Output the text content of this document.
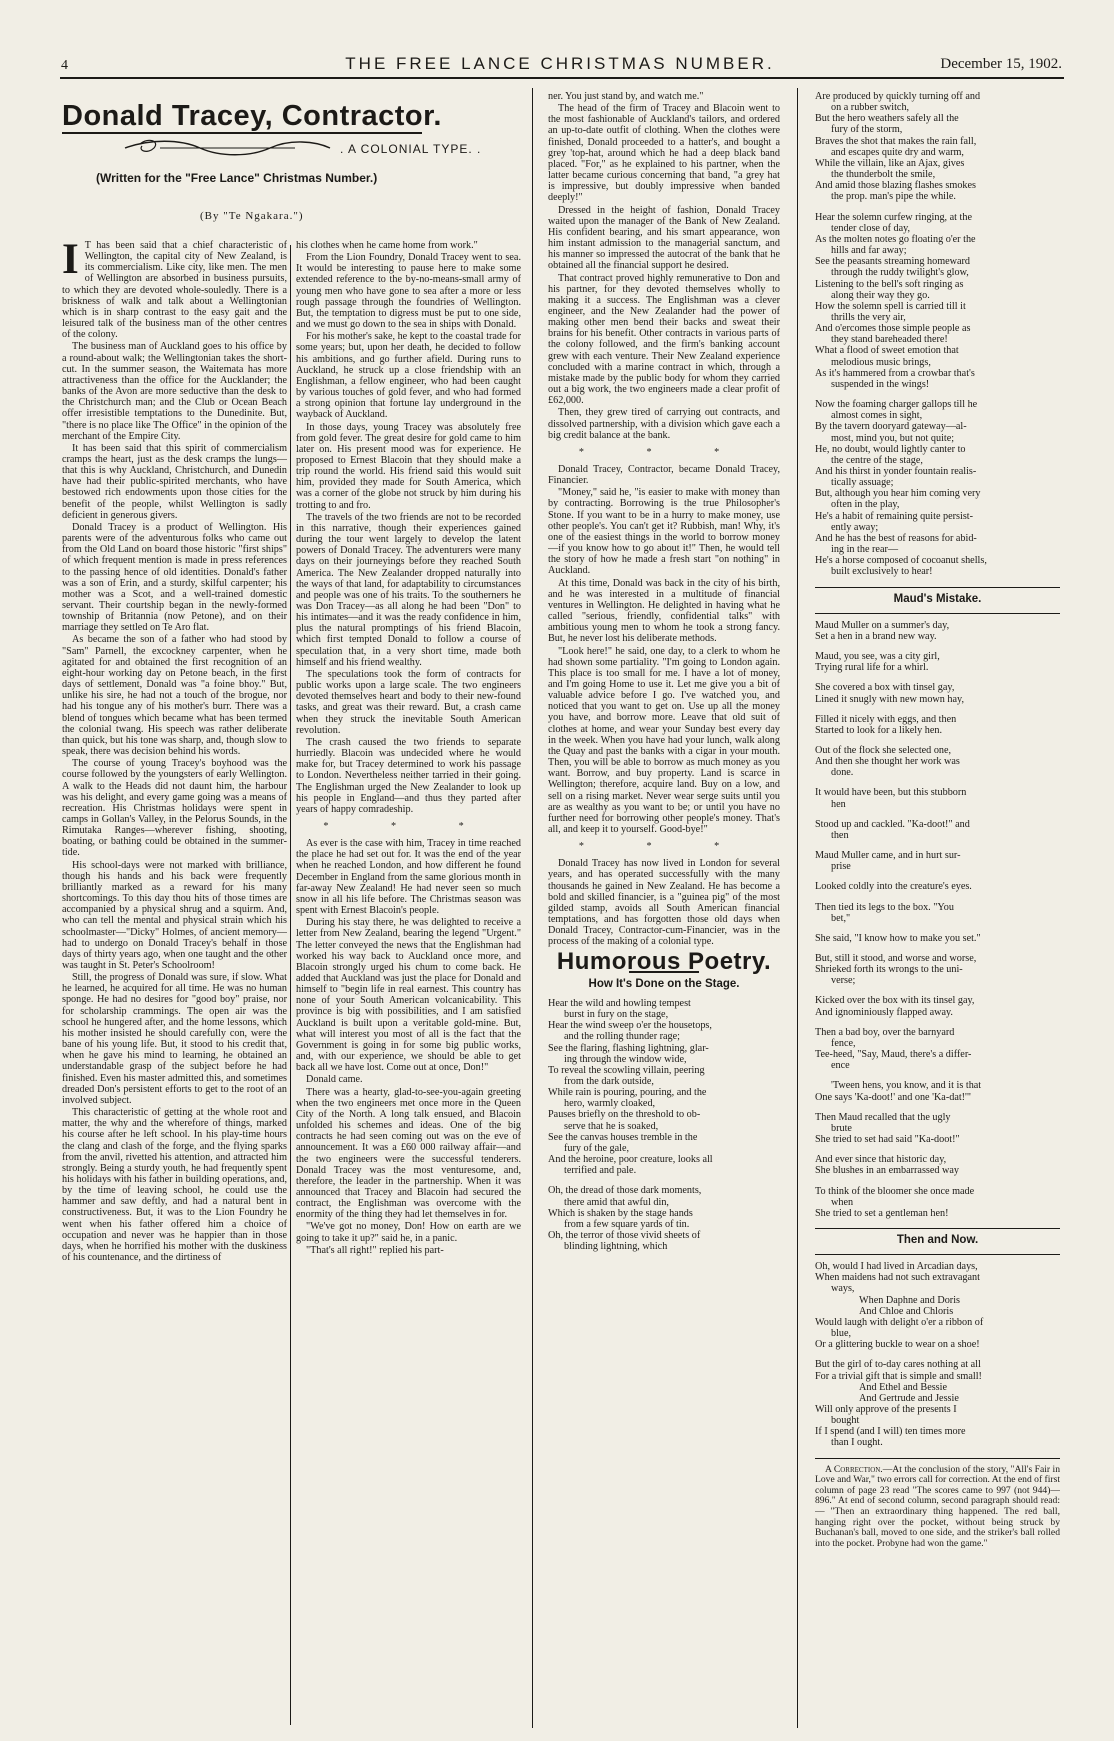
4	THE FREE LANCE CHRISTMAS NUMBER.	December 15, 1902.
Donald Tracey, Contractor.
. A COLONIAL TYPE. .
(Written for the "Free Lance" Christmas Number.)
(By "Te Ngakara.")

I T has been said that a chief characteristic of Wellington, the capital city of New Zealand, is its commercialism. Like city, like men. The men of Wellington are absorbed in business pursuits, to which they are devoted whole-souledly. There is a briskness of walk and talk about a Wellingtonian which is in sharp contrast to the easy gait and the leisured talk of the business man of the other centres of the colony.

The business man of Auckland goes to his office by a round-about walk; the Wellingtonian takes the short-cut. In the summer season, the Waitemata has more attractiveness than the office for the Aucklander; the banks of the Avon are more seductive than the desk to the Christchurch man; and the Club or Ocean Beach offer irresistible temptations to the Dunedinite. But, "there is no place like The Office" in the opinion of the merchant of the Empire City.

It has been said that this spirit of commercialism cramps the heart, just as the desk cramps the lungs—that this is why Auckland, Christchurch, and Dunedin have had their public-spirited merchants, who have bestowed rich endowments upon those cities for the benefit of the people, whilst Wellington is sadly deficient in generous givers.

Donald Tracey is a product of Wellington. His parents were of the adventurous folks who came out from the Old Land on board those historic "first ships" of which frequent mention is made in press references to the passing hence of old identities. Donald's father was a son of Erin, and a sturdy, skilful carpenter; his mother was a Scot, and a well-trained domestic servant. Their courtship began in the newly-formed township of Britannia (now Petone), and on their marriage they settled on Te Aro flat.

As became the son of a father who had stood by "Sam" Parnell, the excockney carpenter, when he agitated for and obtained the first recognition of an eight-hour working day on Petone beach, in the first days of settlement, Donald was "a foine bhoy." But, unlike his sire, he had not a touch of the brogue, nor had his tongue any of his mother's burr. There was a blend of tongues which became what has been termed the colonial twang. His speech was rather deliberate than quick, but his tone was sharp, and, though slow to speak, there was decision behind his words.

The course of young Tracey's boyhood was the course followed by the youngsters of early Wellington. A walk to the Heads did not daunt him, the harbour was his delight, and every game going was a means of recreation. His Christmas holidays were spent in camps in Gollan's Valley, in the Pelorus Sounds, in the Rimutaka Ranges—wherever fishing, shooting, boating, or bathing could be obtained in the summer-tide.

His school-days were not marked with brilliance, though his hands and his back were frequently brilliantly marked as a reward for his many shortcomings. To this day thou hits of those times are accompanied by a physical shrug and a squirm. And, who can tell the mental and physical strain which his schoolmaster—"Dicky" Holmes, of ancient memory—had to undergo on Donald Tracey's behalf in those days of thirty years ago, when one taught and the other was taught in St. Peter's Schoolroom!

Still, the progress of Donald was sure, if slow. What he learned, he acquired for all time. He was no human sponge. He had no desires for "good boy" praise, nor for scholarship crammings. The open air was the school he hungered after, and the home lessons, which his mother insisted he should carefully con, were the bane of his young life. But, it stood to his credit that, when he gave his mind to learning, he obtained an understandable grasp of the subject before he had finished. Even his master admitted this, and sometimes dreaded Don's persistent efforts to get to the root of an involved subject.

This characteristic of getting at the whole root and matter, the why and the wherefore of things, marked his course after he left school. In his play-time hours the clang and clash of the forge, and the flying sparks from the anvil, rivetted his attention, and attracted him strongly. Being a sturdy youth, he had frequently spent his holidays with his father in building operations, and, by the time of leaving school, he could use the hammer and saw deftly, and had a natural bent in constructiveness. But, it was to the Lion Foundry he went when his father offered him a choice of occupation and never was he happier than in those days, when he horrified his mother with the duskiness of his countenance, and the dirtiness of

his clothes when he came home from work."

From the Lion Foundry, Donald Tracey went to sea. It would be interesting to pause here to make some extended reference to the by-no-means-small army of young men who have gone to sea after a more or less rough passage through the foundries of Wellington. But, the temptation to digress must be put to one side, and we must go down to the sea in ships with Donald.

For his mother's sake, he kept to the coastal trade for some years; but, upon her death, he decided to follow his ambitions, and go further afield. During runs to Auckland, he struck up a close friendship with an Englishman, a fellow engineer, who had been caught by various touches of gold fever, and who had formed a strong opinion that fortune lay underground in the wayback of Auckland.

In those days, young Tracey was absolutely free from gold fever. The great desire for gold came to him later on. His present mood was for experience. He proposed to Ernest Blacoin that they should make a trip round the world. His friend said this would suit him, provided they made for South America, which was a corner of the globe not struck by him during his trotting to and fro.

The travels of the two friends are not to be recorded in this narrative, though their experiences gained during the tour went largely to develop the latent powers of Donald Tracey. The adventurers were many days on their journeyings before they reached South America. The New Zealander dropped naturally into the ways of that land, for adaptability to circumstances and people was one of his traits. To the southerners he was Don Tracey—as all along he had been "Don" to his intimates—and it was the ready confidence in him, plus the natural promptings of his friend Blacoin, which first tempted Donald to follow a course of speculation that, in a very short time, made both himself and his friend wealthy.

The speculations took the form of contracts for public works upon a large scale. The two engineers devoted themselves heart and body to their new-found tasks, and great was their reward. But, a crash came when they struck the inevitable South American revolution.

The crash caused the two friends to separate hurriedly. Blacoin was undecided where he would make for, but Tracey determined to work his passage to London. Nevertheless neither tarried in their going. The Englishman urged the New Zealander to look up his people in England—and thus they parted after years of happy comradeship.

* * *

As ever is the case with him, Tracey in time reached the place he had set out for. It was the end of the year when he reached London, and how different he found December in England from the same glorious month in far-away New Zealand! He had never seen so much snow in all his life before. The Christmas season was spent with Ernest Blacoin's people.

During his stay there, he was delighted to receive a letter from New Zealand, bearing the legend "Urgent." The letter conveyed the news that the Englishman had worked his way back to Auckland once more, and Blacoin strongly urged his chum to come back. He added that Auckland was just the place for Donald and himself to "begin life in real earnest. This country has none of your South American volcanicability. This province is big with possibilities, and I am satisfied Auckland is built upon a veritable gold-mine. But, what will interest you most of all is the fact that the Government is going in for some big public works, and, with our experience, we should be able to get back all we have lost. Come out at once, Don!"

Donald came.

There was a hearty, glad-to-see-you-again greeting when the two engineers met once more in the Queen City of the North. A long talk ensued, and Blacoin unfolded his schemes and ideas. One of the big contracts he had seen coming out was on the eve of announcement. It was a £60 000 railway affair—and the two engineers were the successful tenderers. Donald Tracey was the most venturesome, and, therefore, the leader in the partnership. When it was announced that Tracey and Blacoin had secured the contract, the Englishman was overcome with the enormity of the thing they had let themselves in for.

"We've got no money, Don! How on earth are we going to take it up?" said he, in a panic.

"That's all right!" replied his part-

ner. You just stand by, and watch me."

The head of the firm of Tracey and Blacoin went to the most fashionable of Auckland's tailors, and ordered an up-to-date outfit of clothing. When the clothes were finished, Donald proceeded to a hatter's, and bought a grey 'top-hat, around which he had a deep black band placed. "For," as he explained to his partner, when the latter became curious concerning that band, "a grey hat is impressive, but doubly impressive when banded deeply!"

Dressed in the height of fashion, Donald Tracey waited upon the manager of the Bank of New Zealand. His confident bearing, and his smart appearance, won him instant admission to the managerial sanctum, and his manner so impressed the autocrat of the bank that he obtained all the financial support he desired.

That contract proved highly remunerative to Don and his partner, for they devoted themselves wholly to making it a success. The Englishman was a clever engineer, and the New Zealander had the power of making other men bend their backs and sweat their brains for his benefit. Other contracts in various parts of the colony followed, and the firm's banking account grew with each venture. Their New Zealand experience concluded with a marine contract in which, through a mistake made by the public body for whom they carried out a big work, the two engineers made a clear profit of £62,000.

Then, they grew tired of carrying out contracts, and dissolved partnership, with a division which gave each a big credit balance at the bank.

* * *

Donald Tracey, Contractor, became Donald Tracey, Financier.

"Money," said he, "is easier to make with money than by contracting. Borrowing is the true Philosopher's Stone. If you want to be in a hurry to make money, use other people's. You can't get it? Rubbish, man! Why, it's one of the easiest things in the world to borrow money—if you know how to go about it!" Then, he would tell the story of how he made a fresh start "on nothing" in Auckland.

At this time, Donald was back in the city of his birth, and he was interested in a multitude of financial ventures in Wellington. He delighted in having what he called "serious, friendly, confidential talks" with ambitious young men to whom he took a strong fancy. But, he never lost his deliberate methods.

"Look here!" he said, one day, to a clerk to whom he had shown some partiality. "I'm going to London again. This place is too small for me. I have a lot of money, and I'm going Home to use it. Let me give you a bit of valuable advice before I go. I've watched you, and noticed that you want to get on. Use up all the money you have, and borrow more. Leave that old suit of clothes at home, and wear your Sunday best every day in the week. When you have had your lunch, walk along the Quay and past the banks with a cigar in your mouth. Then, you will be able to borrow as much money as you want. Borrow, and buy property. Land is scarce in Wellington; therefore, acquire land. Buy on a low, and sell on a rising market. Never wear serge suits until you are as wealthy as you want to be; or until you have no further need for borrowing other people's money. That's all, and keep it to yourself. Good-bye!"

* * *

Donald Tracey has now lived in London for several years, and has operated successfully with the many thousands he gained in New Zealand. He has become a bold and skilled financier, is a "guinea pig" of the most gilded stamp, avoids all South American financial temptations, and has forgotten those old days when Donald Tracey, Contractor-cum-Financier, was in the process of the making of a colonial type.

Humorous Poetry.
How It's Done on the Stage.
Hear the wild and howling tempest
burst in fury on the stage,
Hear the wind sweep o'er the housetops,
and the rolling thunder rage;
See the flaring, flashing lightning, glar-
ing through the window wide,
To reveal the scowling villain, peering
from the dark outside,
While rain is pouring, pouring, and the
hero, warmly cloaked,
Pauses briefly on the threshold to ob-
serve that he is soaked,
See the canvas houses tremble in the
fury of the gale,
And the heroine, poor creature, looks all
terrified and pale.
Oh, the dread of those dark moments,
there amid that awful din,
Which is shaken by the stage hands
from a few square yards of tin.
Oh, the terror of those vivid sheets of
blinding lightning, which
Are produced by quickly turning off and
on a rubber switch,
But the hero weathers safely all the
fury of the storm,
Braves the shot that makes the rain fall,
and escapes quite dry and warm,
While the villain, like an Ajax, gives
the thunderbolt the smile,
And amid those blazing flashes smokes
the prop. man's pipe the while.
Hear the solemn curfew ringing, at the
tender close of day,
As the molten notes go floating o'er the
hills and far away;
See the peasants streaming homeward
through the ruddy twilight's glow,
Listening to the bell's soft ringing as
along their way they go.
How the solemn spell is carried till it
thrills the very air,
And o'ercomes those simple people as
they stand bareheaded there!
What a flood of sweet emotion that
melodious music brings,
As it's hammered from a crowbar that's
suspended in the wings!
Now the foaming charger gallops till he
almost comes in sight,
By the tavern dooryard gateway—al-
most, mind you, but not quite;
He, no doubt, would lightly canter to
the centre of the stage,
And his thirst in yonder fountain realis-
tically assuage;
But, although you hear him coming very
often in the play,
He's a habit of remaining quite persist-
ently away;
And he has the best of reasons for abid-
ing in the rear—
He's a horse composed of cocoanut shells,
built exclusively to hear!
Maud's Mistake.
Maud Muller on a summer's day,
Set a hen in a brand new way.
Maud, you see, was a city girl,
Trying rural life for a whirl.
She covered a box with tinsel gay,
Lined it snugly with new mown hay,
Filled it nicely with eggs, and then
Started to look for a likely hen.
Out of the flock she selected one,
And then she thought her work was
done.
It would have been, but this stubborn
hen
Stood up and cackled. "Ka-doot!" and
then
Maud Muller came, and in hurt sur-
prise
Looked coldly into the creature's eyes.
Then tied its legs to the box. "You
bet,"
She said, "I know how to make you set."
But, still it stood, and worse and worse,
Shrieked forth its wrongs to the uni-
verse;
Kicked over the box with its tinsel gay,
And ignominiously flapped away.
Then a bad boy, over the barnyard
fence,
Tee-heed, "Say, Maud, there's a differ-
ence
'Tween hens, you know, and it is that
One says 'Ka-doot!' and one 'Ka-dat!'"
Then Maud recalled that the ugly
brute
She tried to set had said "Ka-doot!"
And ever since that historic day,
She blushes in an embarrassed way
To think of the bloomer she once made
when
She tried to set a gentleman hen!
Then and Now.
Oh, would I had lived in Arcadian days,
When maidens had not such extravagant
ways,
When Daphne and Doris
And Chloe and Chloris
Would laugh with delight o'er a ribbon of
blue,
Or a glittering buckle to wear on a shoe!
But the girl of to-day cares nothing at all
For a trivial gift that is simple and small!
And Ethel and Bessie
And Gertrude and Jessie
Will only approve of the presents I
bought
If I spend (and I will) ten times more
than I ought.

A Correction.—At the conclusion of the story, "All's Fair in Love and War," two errors call for correction. At the end of first column of page 23 read "The scores came to 997 (not 944)—896." At end of second column, second paragraph should read: — "Then an extraordinary thing happened. The red ball, hanging right over the pocket, without being struck by Buchanan's ball, moved to one side, and the striker's ball rolled into the pocket. Probyne had won the game."
